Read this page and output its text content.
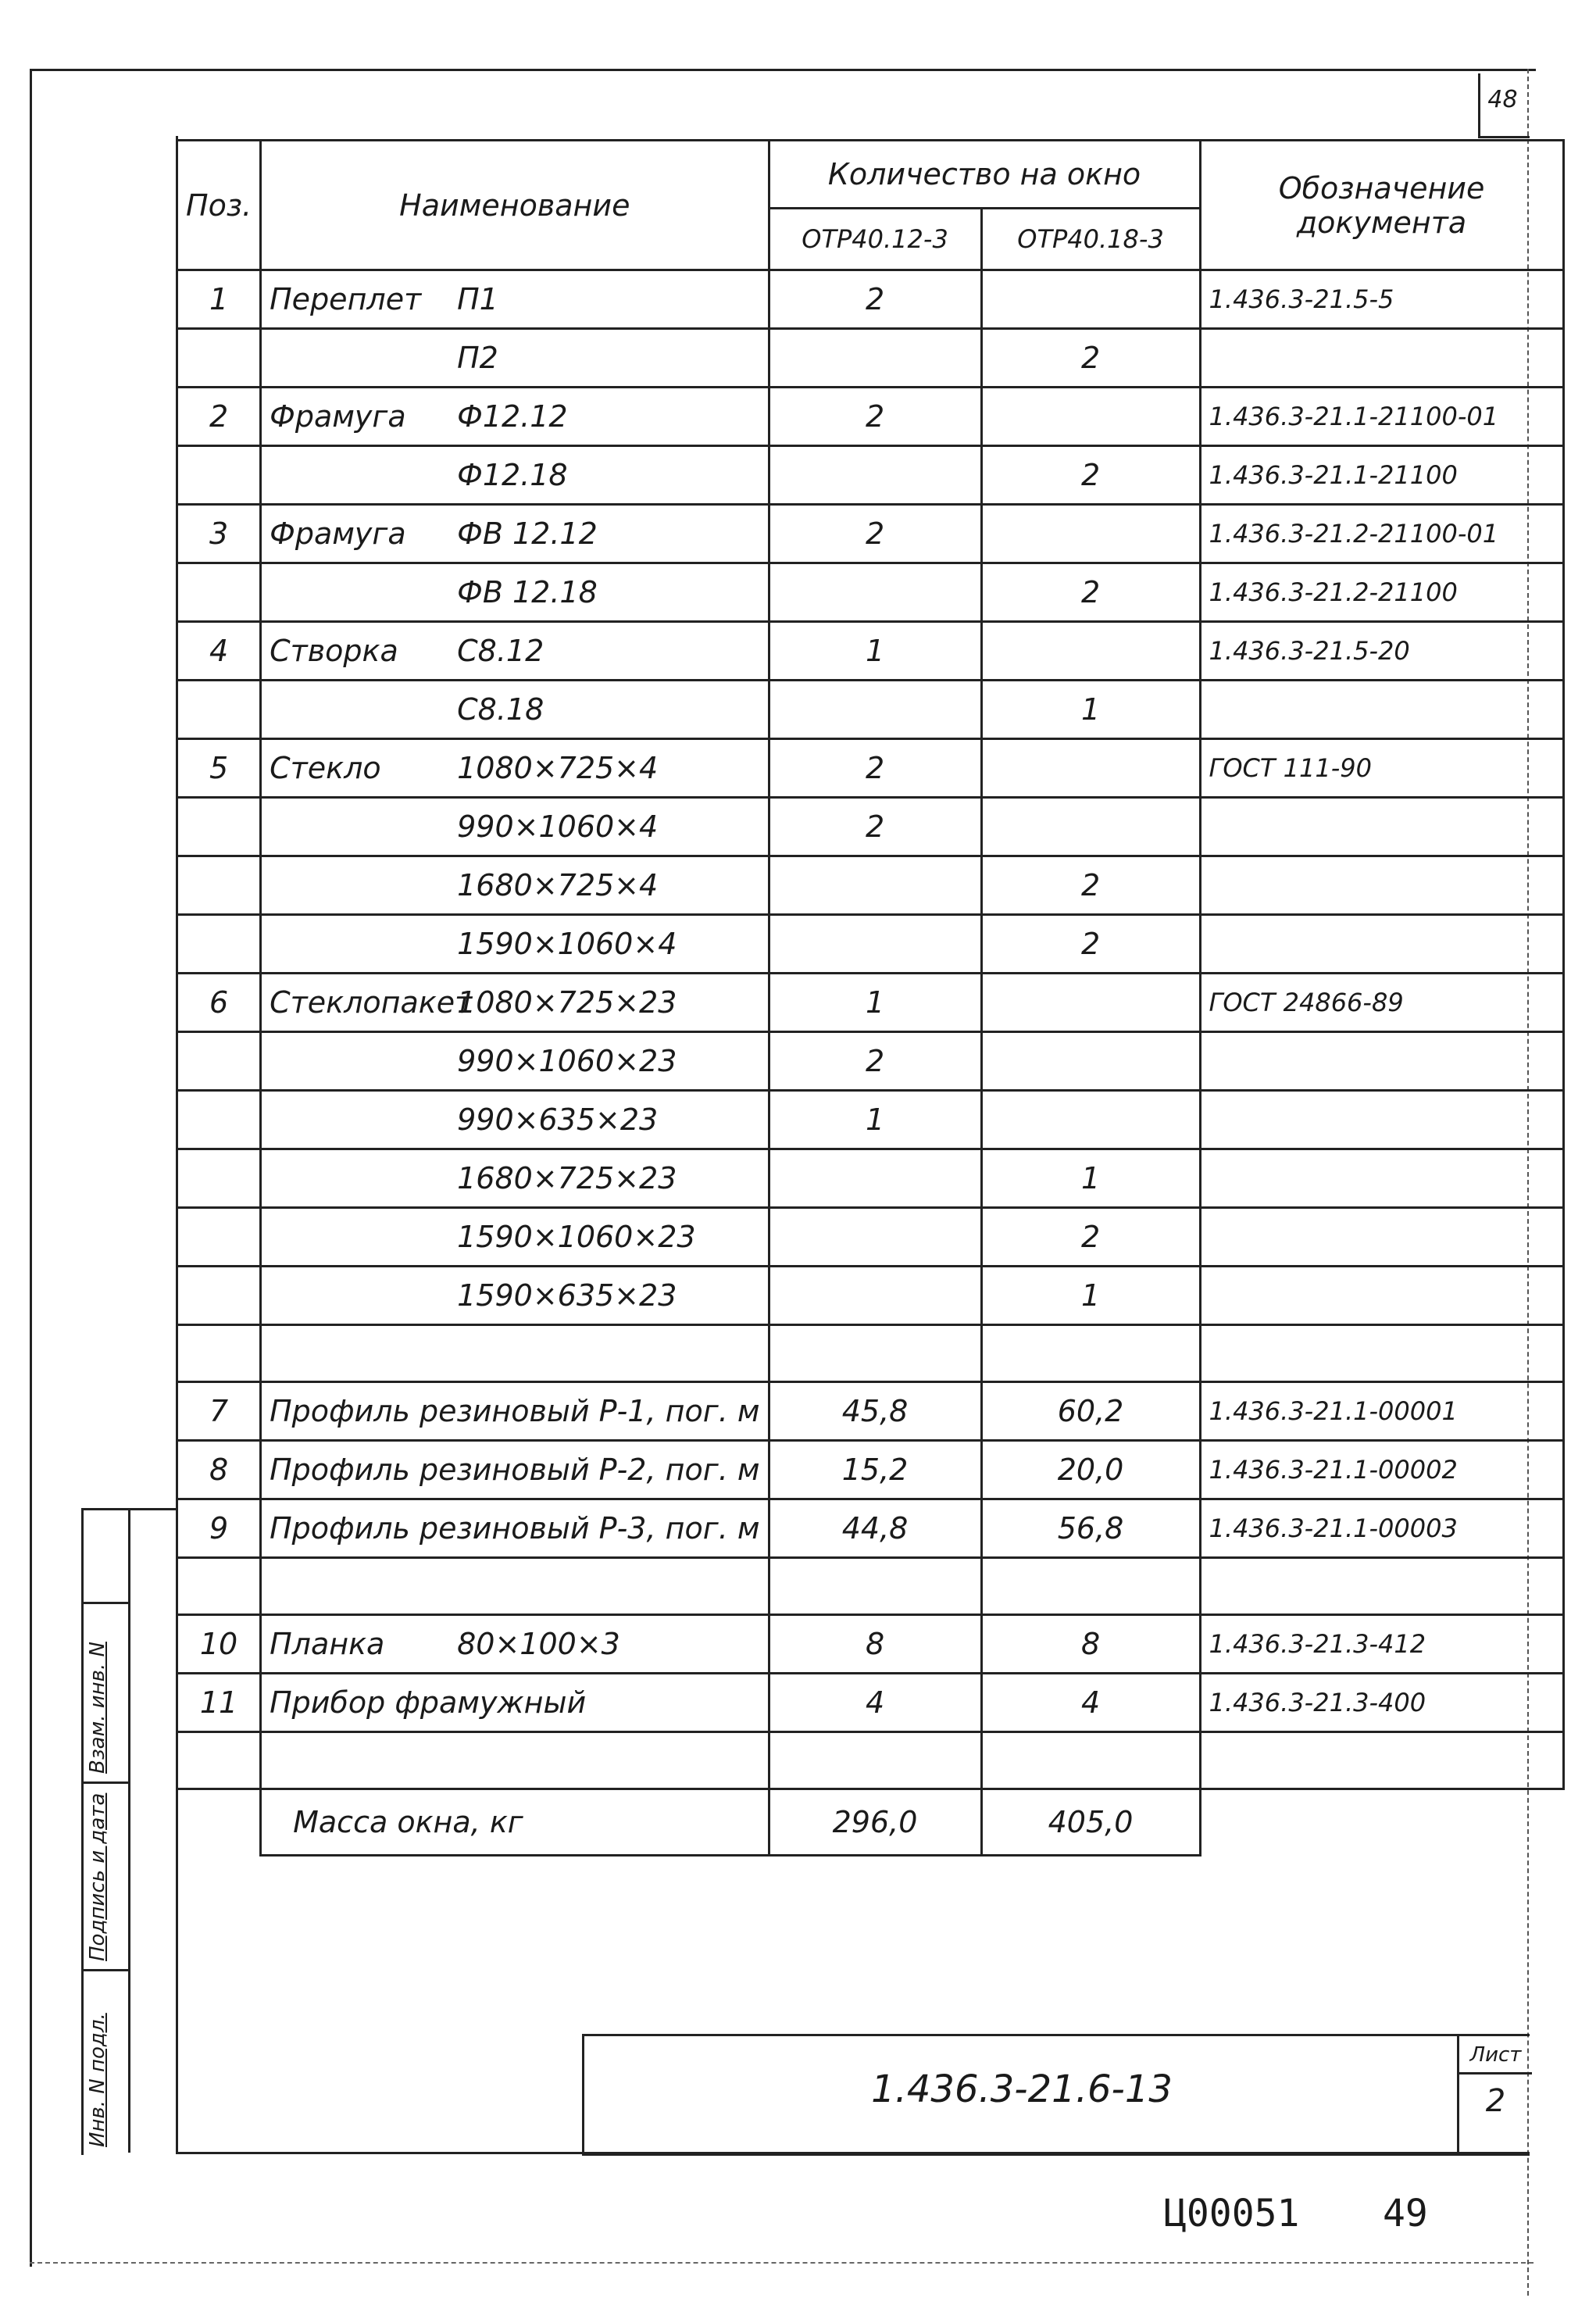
48
Инв. N подл.
Подпись и дата
Взам. инв. N
Поз.	Наименование	Количество на окно		Обозначение
документа

		ОТР40.12-3	ОТР40.18-3	
1	Переплет П1	2		1.436.3-21.5-5
	П2		2	
2	Фрамуга Ф12.12	2		1.436.3-21.1-21100-01
	Ф12.18		2	1.436.3-21.1-21100
3	Фрамуга ФВ 12.12	2		1.436.3-21.2-21100-01
	ФВ 12.18		2	1.436.3-21.2-21100
4	Створка С8.12	1		1.436.3-21.5-20
	С8.18		1	
5	Стекло 1080×725×4	2		ГОСТ 111-90
	990×1060×4	2		
	1680×725×4		2	
	1590×1060×4		2	
6	Стеклопакет1080×725×23	1		ГОСТ 24866-89
	990×1060×23	2		
	990×635×23	1		
	1680×725×23		1	
	1590×1060×23		2	
	1590×635×23		1	

7	Профиль резиновый Р-1, пог. м	45,8	60,2	1.436.3-21.1-00001
8	Профиль резиновый Р-2, пог. м	15,2	20,0	1.436.3-21.1-00002
9	Профиль резиновый Р-3, пог. м	44,8	56,8	1.436.3-21.1-00003

10	Планка 80×100×3	8	8	1.436.3-21.3-412
11	Прибор фрамужный	4	4	1.436.3-21.3-400

	Масса окна, кг	296,0	405,0	
1.436.3-21.6-13
Лист
2
Ц00051 49
